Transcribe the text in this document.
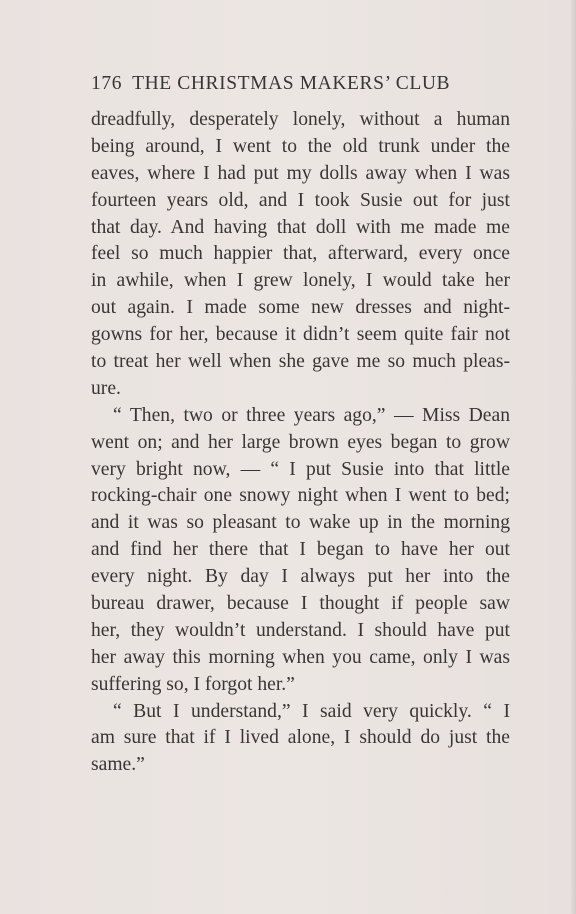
176 THE CHRISTMAS MAKERS’ CLUB
dreadfully, desperately lonely, without a human
being around, I went to the old trunk under the
eaves, where I had put my dolls away when I was
fourteen years old, and I took Susie out for just
that day. And having that doll with me made me
feel so much happier that, afterward, every once
in awhile, when I grew lonely, I would take her
out again. I made some new dresses and night-
gowns for her, because it didn’t seem quite fair not
to treat her well when she gave me so much pleas-
ure.
“ Then, two or three years ago,” — Miss Dean
went on; and her large brown eyes began to grow
very bright now, — “ I put Susie into that little
rocking-chair one snowy night when I went to bed;
and it was so pleasant to wake up in the morning
and find her there that I began to have her out
every night. By day I always put her into the
bureau drawer, because I thought if people saw
her, they wouldn’t understand. I should have put
her away this morning when you came, only I was
suffering so, I forgot her.”
“ But I understand,” I said very quickly. “ I
am sure that if I lived alone, I should do just the
same.”
